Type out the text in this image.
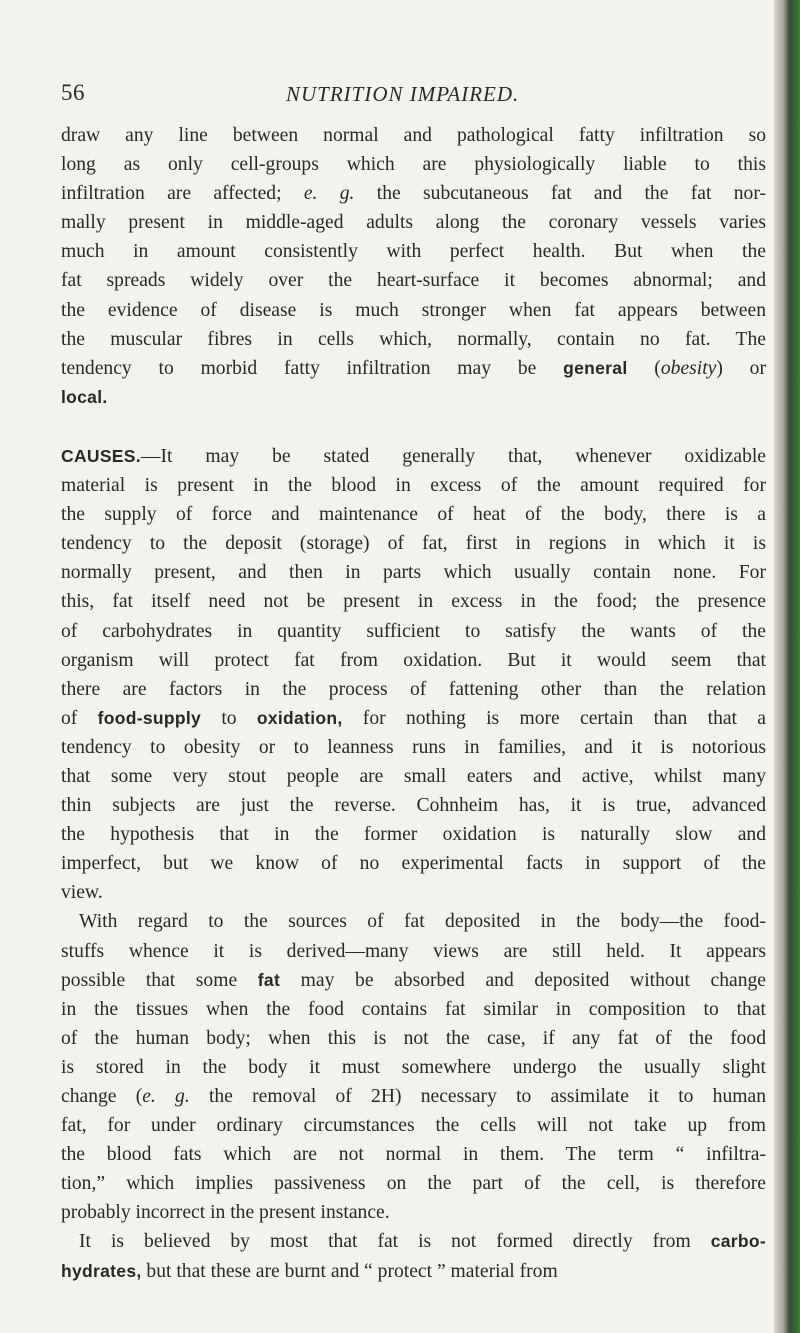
56	NUTRITION IMPAIRED.
draw any line between normal and pathological fatty infiltration so
long as only cell-groups which are physiologically liable to this
infiltration are affected; e. g. the subcutaneous fat and the fat nor-
mally present in middle-aged adults along the coronary vessels varies
much in amount consistently with perfect health. But when the
fat spreads widely over the heart-surface it becomes abnormal; and
the evidence of disease is much stronger when fat appears between
the muscular fibres in cells which, normally, contain no fat. The
tendency to morbid fatty infiltration may be general (obesity) or
local.
CAUSES.—It may be stated generally that, whenever oxidizable
material is present in the blood in excess of the amount required for
the supply of force and maintenance of heat of the body, there is a
tendency to the deposit (storage) of fat, first in regions in which it is
normally present, and then in parts which usually contain none. For
this, fat itself need not be present in excess in the food; the presence
of carbohydrates in quantity sufficient to satisfy the wants of the
organism will protect fat from oxidation. But it would seem that
there are factors in the process of fattening other than the relation
of food-supply to oxidation, for nothing is more certain than that a
tendency to obesity or to leanness runs in families, and it is notorious
that some very stout people are small eaters and active, whilst many
thin subjects are just the reverse. Cohnheim has, it is true, advanced
the hypothesis that in the former oxidation is naturally slow and
imperfect, but we know of no experimental facts in support of the
view.
With regard to the sources of fat deposited in the body—the food-
stuffs whence it is derived—many views are still held. It appears
possible that some fat may be absorbed and deposited without change
in the tissues when the food contains fat similar in composition to that
of the human body; when this is not the case, if any fat of the food
is stored in the body it must somewhere undergo the usually slight
change (e. g. the removal of 2H) necessary to assimilate it to human
fat, for under ordinary circumstances the cells will not take up from
the blood fats which are not normal in them. The term “ infiltra-
tion,” which implies passiveness on the part of the cell, is therefore
probably incorrect in the present instance.
It is believed by most that fat is not formed directly from carbo-
hydrates, but that these are burnt and “ protect ” material from
